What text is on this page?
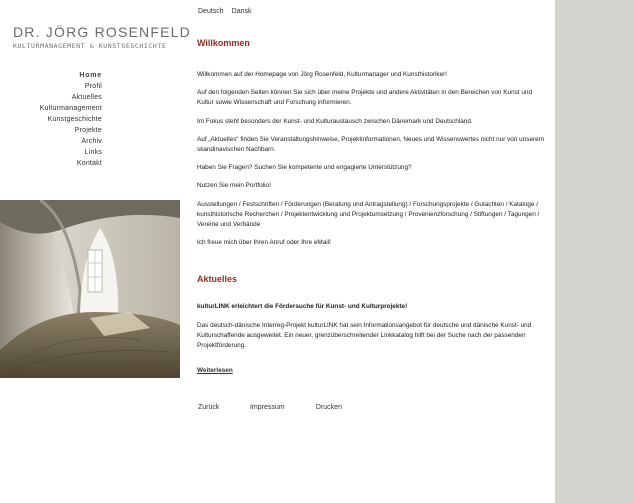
DR. JÖRG ROSENFELD
KULTURMANAGEMENT & KUNSTGESCHICHTE
Deutsch Dansk
Home
Profil
Aktuelles
Kulturmanagement
Kunstgeschichte
Projekte
Archiv
Links
Kontakt
Willkommen

Willkommen auf der Homepage von Jörg Rosenfeld, Kulturmanager und Kunsthistoriker!

Auf den folgenden Seiten können Sie sich über meine Projekte und andere Aktivitäten in den Bereichen von Kunst und Kultur sowie Wissenschaft und Forschung informieren.

Im Fokus steht besonders der Kunst- und Kulturaustausch zwischen Dänemark und Deutschland.

Auf „Aktuelles“ finden Sie Veranstaltungshinweise, Projektinformationen, Neues und Wissenswertes nicht nur von unserem skandinavischen Nachbarn.

Haben Sie Fragen? Suchen Sie kompetente und engagierte Unterstützung?

Nutzen Sie mein Portfolio!

Ausstellungen / Festschriften / Förderungen (Beratung und Antragstellung) / Forschungsprojekte / Gutachten / Kataloge / kunsthistorische Recherchen / Projektentwicklung und Projektumsetzung / Provenienzforschung / Stiftungen / Tagungen / Vereine und Verbände

Ich freue mich über Ihren Anruf oder Ihre eMail!

Aktuelles

kulturLINK erleichtert die Fördersuche für Kunst- und Kulturprojekte!

Das deutsch-dänische Interreg-Projekt kulturLINK hat sein Informationsangebot für deutsche und dänische Kunst- und Kulturschaffende ausgeweitet. Ein neuer, grenzüberschreitender Linkkatalog hilft bei der Suche nach der passenden Projektförderung.

Weiterlesen
Zurück	Impressum	Drucken
